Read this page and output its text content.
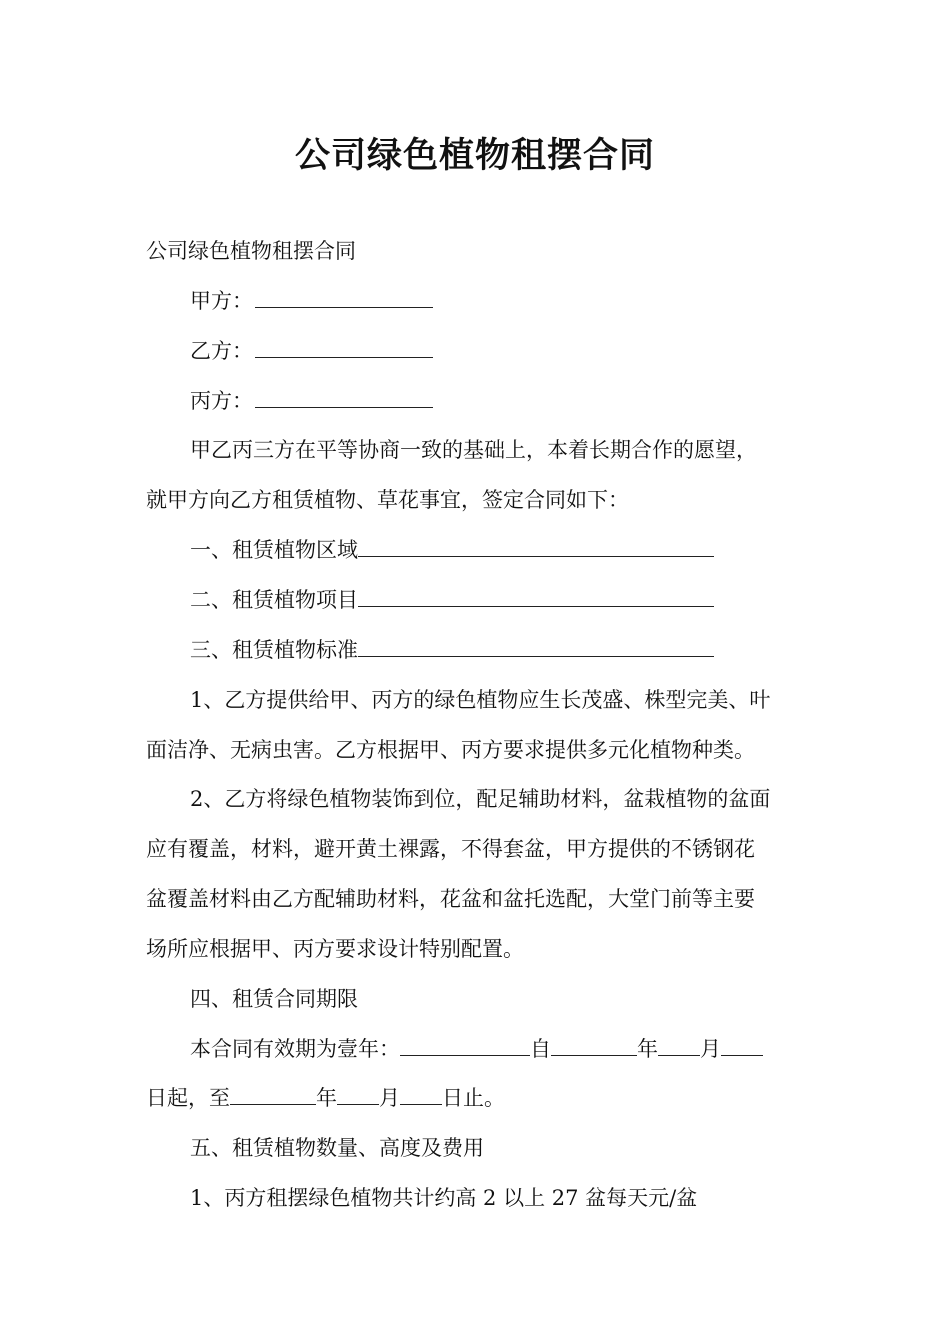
公司绿色植物租摆合同
公司绿色植物租摆合同
甲方：
乙方：
丙方：
甲乙丙三方在平等协商一致的基础上，本着长期合作的愿望，
就甲方向乙方租赁植物、草花事宜，签定合同如下：
一、租赁植物区域
二、租赁植物项目
三、租赁植物标准
1、乙方提供给甲、丙方的绿色植物应生长茂盛、株型完美、叶
面洁净、无病虫害。乙方根据甲、丙方要求提供多元化植物种类。
2、乙方将绿色植物装饰到位，配足辅助材料，盆栽植物的盆面
应有覆盖，材料，避开黄土裸露，不得套盆，甲方提供的不锈钢花
盆覆盖材料由乙方配辅助材料，花盆和盆托选配，大堂门前等主要
场所应根据甲、丙方要求设计特别配置。
四、租赁合同期限
本合同有效期为壹年：	自	年 月
日起，至	年 月 日止。
五、租赁植物数量、高度及费用
1、丙方租摆绿色植物共计约高 2 以上 27 盆每天元/盆
